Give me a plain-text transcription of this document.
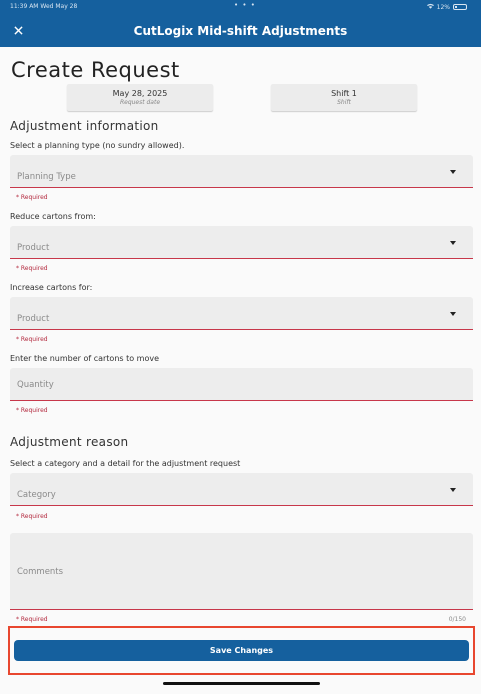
11:39 AM Wed May 28	• • •	12%
CutLogix Mid-shift Adjustments
Create Request
May 28, 2025
Request date
Shift 1
Shift
Adjustment information
Select a planning type (no sundry allowed).
Planning Type
* Required
Reduce cartons from:
Product
* Required
Increase cartons for:
Product
* Required
Enter the number of cartons to move
Quantity
* Required
Adjustment reason
Select a category and a detail for the adjustment request
Category
* Required
Comments
* Required	0/150
Save Changes
